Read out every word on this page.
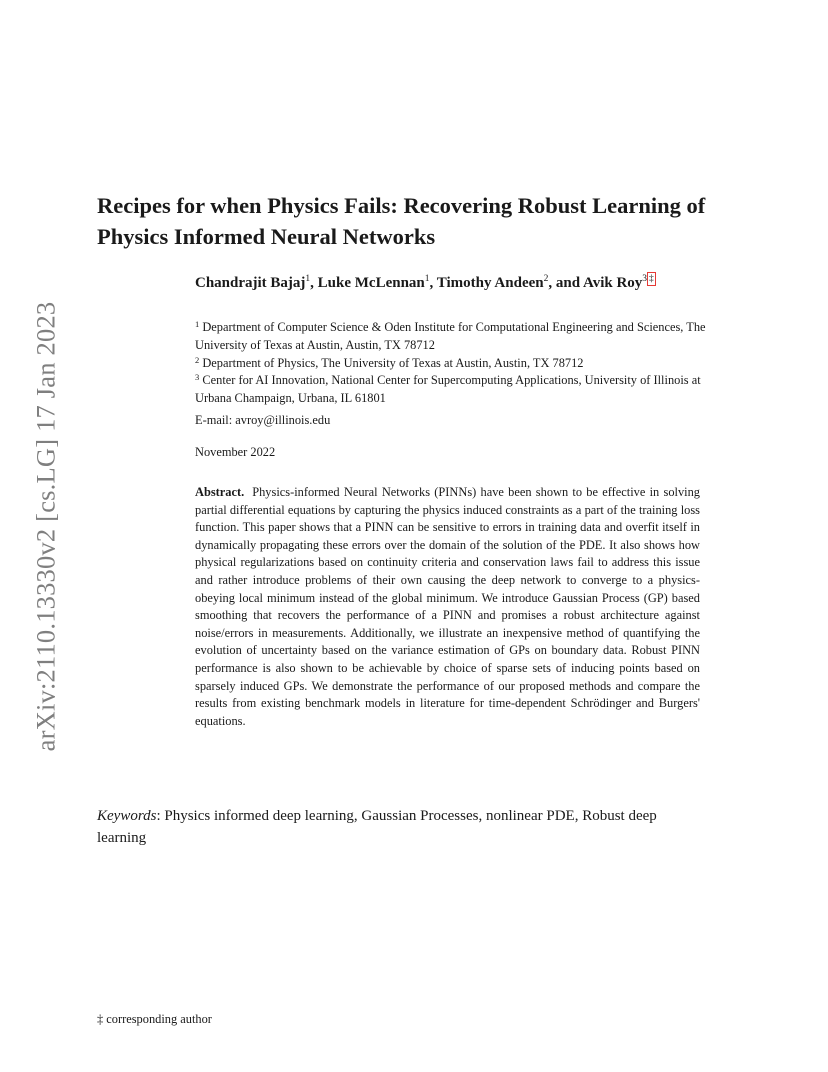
arXiv:2110.13330v2 [cs.LG] 17 Jan 2023
Recipes for when Physics Fails: Recovering Robust Learning of Physics Informed Neural Networks
Chandrajit Bajaj$^1$, Luke McLennan$^1$, Timothy Andeen$^2$, and Avik Roy$^{3 \ddagger}$
$^1$ Department of Computer Science & Oden Institute for Computational Engineering and Sciences, The University of Texas at Austin, Austin, TX 78712
$^2$ Department of Physics, The University of Texas at Austin, Austin, TX 78712
$^3$ Center for AI Innovation, National Center for Supercomputing Applications, University of Illinois at Urbana Champaign, Urbana, IL 61801
E-mail: avroy@illinois.edu
November 2022
Abstract. Physics-informed Neural Networks (PINNs) have been shown to be effective in solving partial differential equations by capturing the physics induced constraints as a part of the training loss function. This paper shows that a PINN can be sensitive to errors in training data and overfit itself in dynamically propagating these errors over the domain of the solution of the PDE. It also shows how physical regularizations based on continuity criteria and conservation laws fail to address this issue and rather introduce problems of their own causing the deep network to converge to a physics-obeying local minimum instead of the global minimum. We introduce Gaussian Process (GP) based smoothing that recovers the performance of a PINN and promises a robust architecture against noise/errors in measurements. Additionally, we illustrate an inexpensive method of quantifying the evolution of uncertainty based on the variance estimation of GPs on boundary data. Robust PINN performance is also shown to be achievable by choice of sparse sets of inducing points based on sparsely induced GPs. We demonstrate the performance of our proposed methods and compare the results from existing benchmark models in literature for time-dependent Schrödinger and Burgers' equations.
Keywords: Physics informed deep learning, Gaussian Processes, nonlinear PDE, Robust deep learning
‡ corresponding author
